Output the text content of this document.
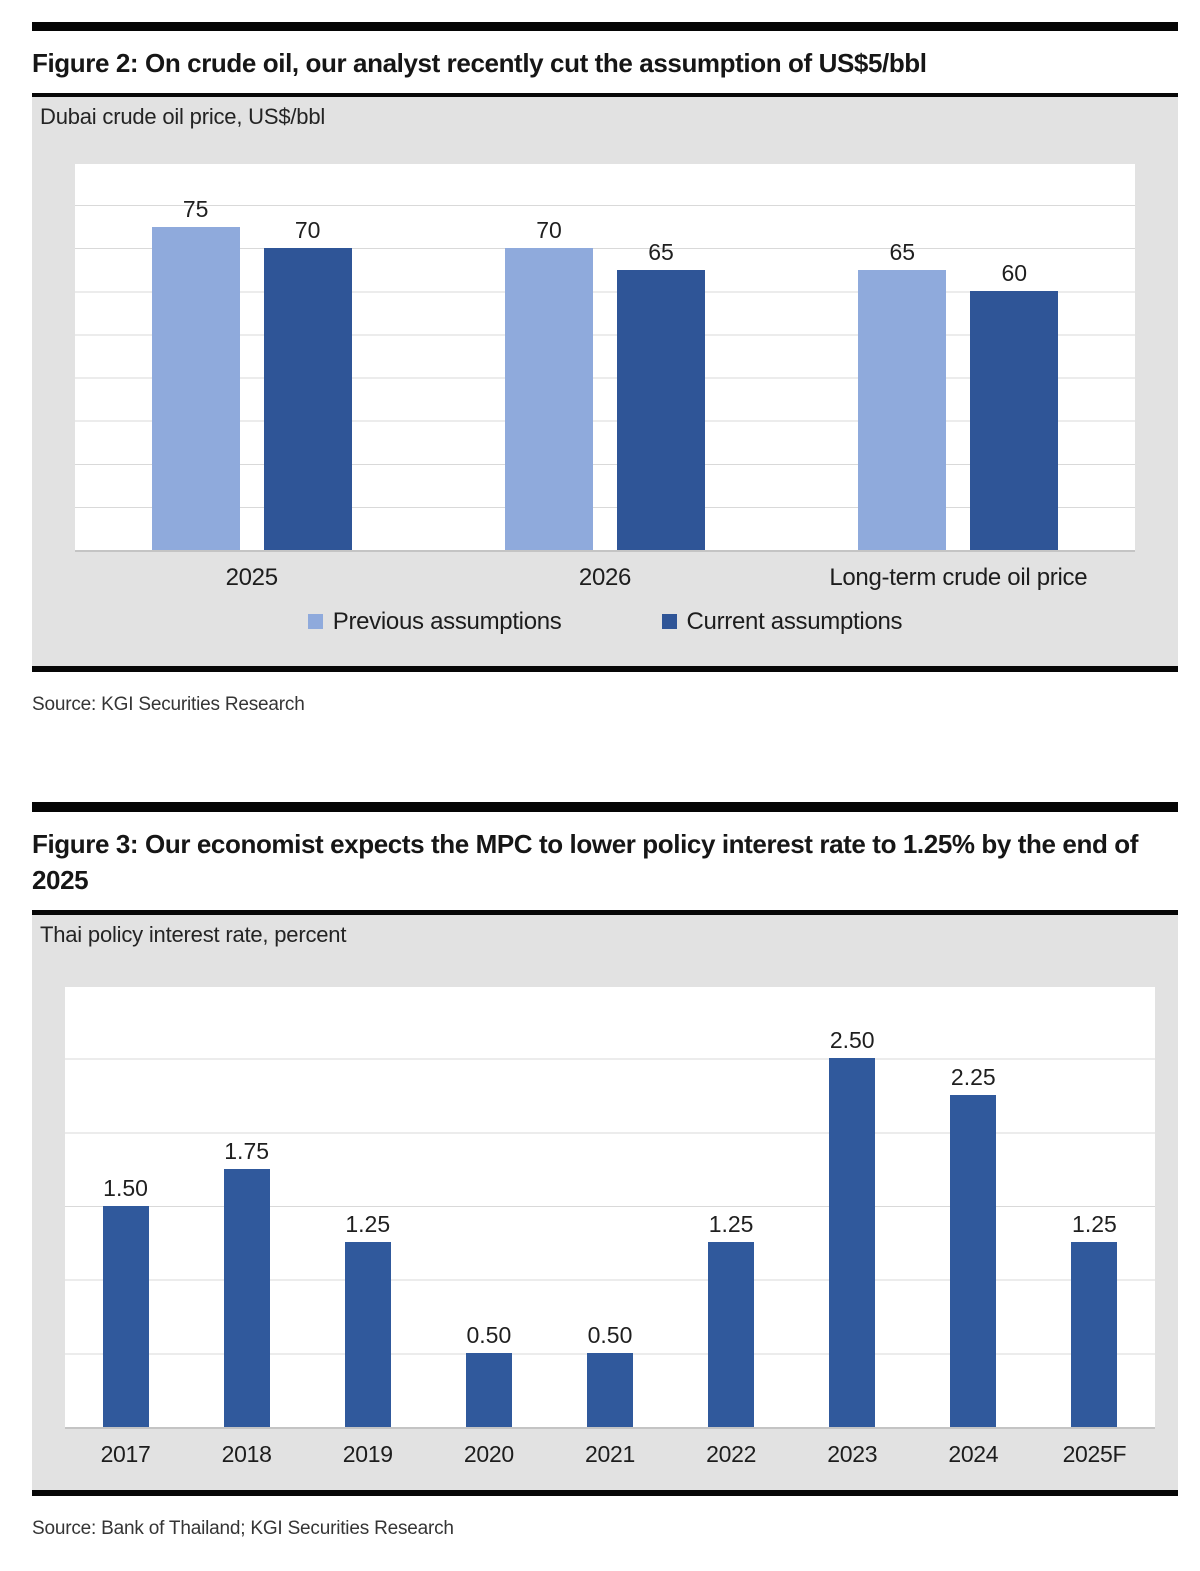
Figure 2: On crude oil, our analyst recently cut the assumption of US$5/bbl
Dubai crude oil price, US$/bbl
75
70	70
65	65
60
2025	2026	Long-term crude oil price
Previous assumptions	Current assumptions

Source: KGI Securities Research

Figure 3: Our economist expects the MPC to lower policy interest rate to 1.25% by the end of 2025
Thai policy interest rate, percent
1.50
1.75
1.25
0.50	0.50
1.25
2.50
2.25
1.25
2017	2018	2019	2020	2021	2022	2023	2024	2025F

Source: Bank of Thailand; KGI Securities Research
